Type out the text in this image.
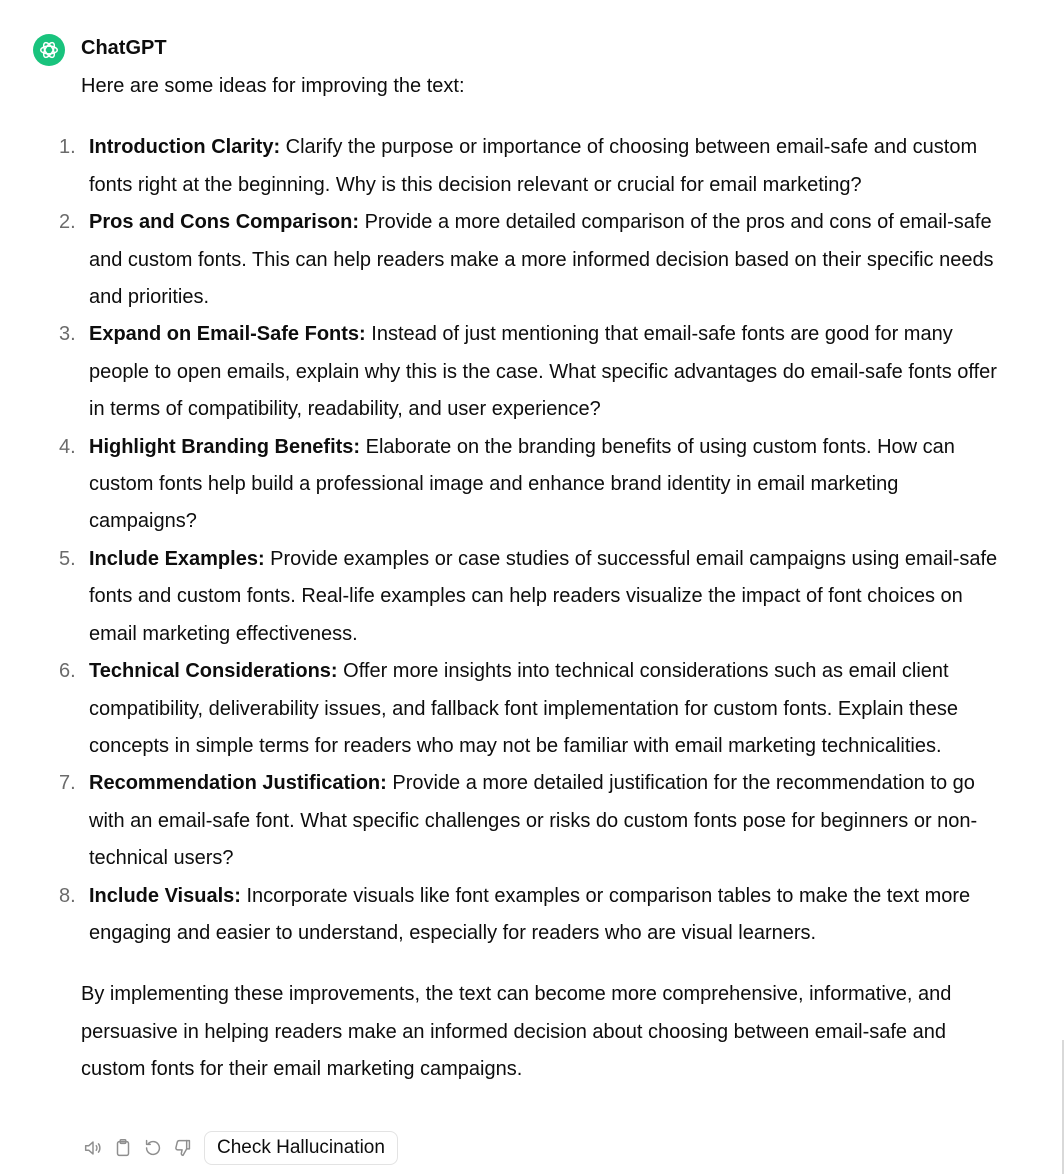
ChatGPT

Here are some ideas for improving the text:

1. Introduction Clarity: Clarify the purpose or importance of choosing between email-safe and custom fonts right at the beginning. Why is this decision relevant or crucial for email marketing?
2. Pros and Cons Comparison: Provide a more detailed comparison of the pros and cons of email-safe and custom fonts. This can help readers make a more informed decision based on their specific needs and priorities.
3. Expand on Email-Safe Fonts: Instead of just mentioning that email-safe fonts are good for many people to open emails, explain why this is the case. What specific advantages do email-safe fonts offer in terms of compatibility, readability, and user experience?
4. Highlight Branding Benefits: Elaborate on the branding benefits of using custom fonts. How can custom fonts help build a professional image and enhance brand identity in email marketing campaigns?
5. Include Examples: Provide examples or case studies of successful email campaigns using email-safe fonts and custom fonts. Real-life examples can help readers visualize the impact of font choices on email marketing effectiveness.
6. Technical Considerations: Offer more insights into technical considerations such as email client compatibility, deliverability issues, and fallback font implementation for custom fonts. Explain these concepts in simple terms for readers who may not be familiar with email marketing technicalities.
7. Recommendation Justification: Provide a more detailed justification for the recommendation to go with an email-safe font. What specific challenges or risks do custom fonts pose for beginners or non-technical users?
8. Include Visuals: Incorporate visuals like font examples or comparison tables to make the text more engaging and easier to understand, especially for readers who are visual learners.

By implementing these improvements, the text can become more comprehensive, informative, and persuasive in helping readers make an informed decision about choosing between email-safe and custom fonts for their email marketing campaigns.

Check Hallucination
